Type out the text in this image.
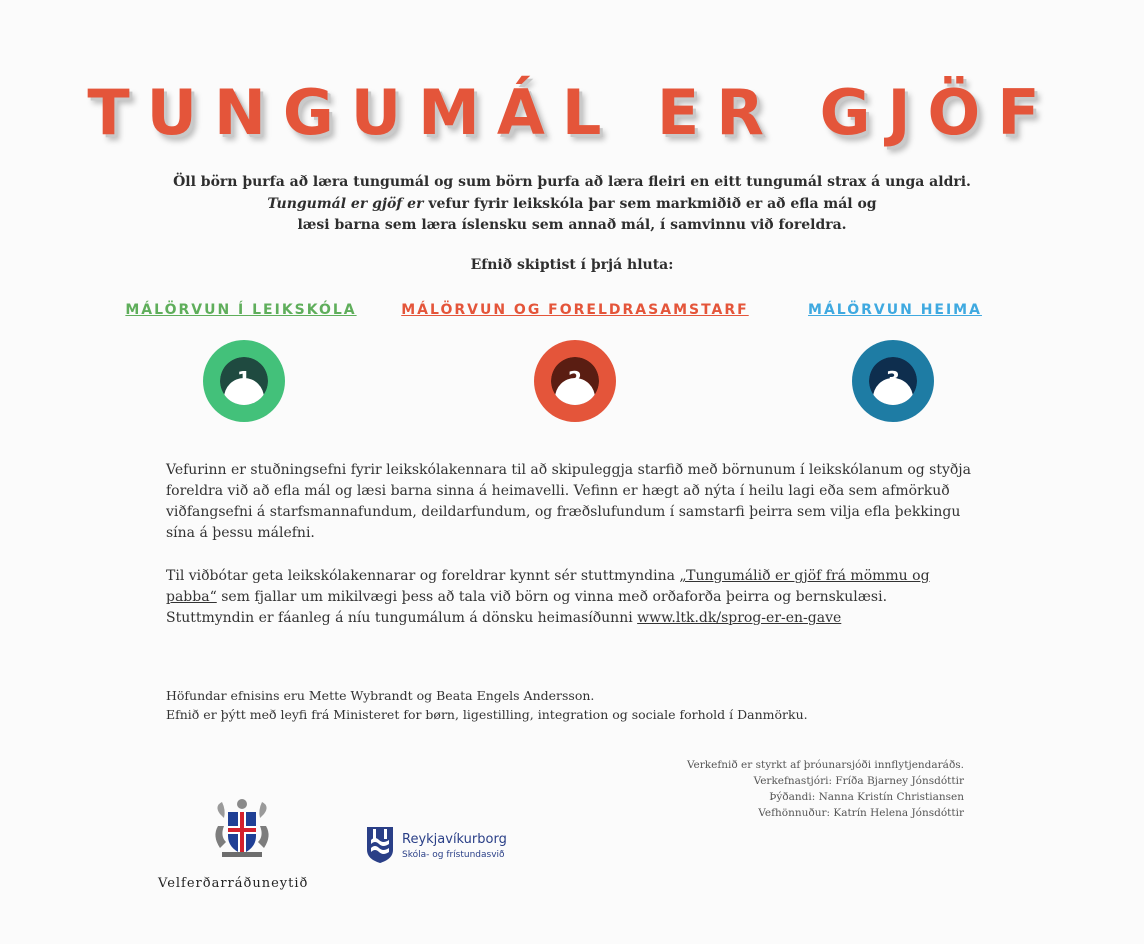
TUNGUMÁL ER GJÖF
Öll börn þurfa að læra tungumál og sum börn þurfa að læra fleiri en eitt tungumál strax á unga aldri.
Tungumál er gjöf er vefur fyrir leikskóla þar sem markmiðið er að efla mál og
læsi barna sem læra íslensku sem annað mál, í samvinnu við foreldra.
Efnið skiptist í þrjá hluta:
MÁLÖRVUN Í LEIKSKÓLA
1
MÁLÖRVUN OG FORELDRASAMSTARF
2
MÁLÖRVUN HEIMA
3
Vefurinn er stuðningsefni fyrir leikskólakennara til að skipuleggja starfið með börnunum í leikskólanum og styðja foreldra við að efla mál og læsi barna sinna á heimavelli. Vefinn er hægt að nýta í heilu lagi eða sem afmörkuð viðfangsefni á starfsmannafundum, deildarfundum, og fræðslufundum í samstarfi þeirra sem vilja efla þekkingu sína á þessu málefni.
Til viðbótar geta leikskólakennarar og foreldrar kynnt sér stuttmyndina „Tungumálið er gjöf frá mömmu og pabba“ sem fjallar um mikilvægi þess að tala við börn og vinna með orðaforða þeirra og bernskulæsi. Stuttmyndin er fáanleg á níu tungumálum á dönsku heimasíðunni www.ltk.dk/sprog-er-en-gave
Höfundar efnisins eru Mette Wybrandt og Beata Engels Andersson.
Efnið er þýtt með leyfi frá Ministeret for børn, ligestilling, integration og sociale forhold í Danmörku.
Verkefnið er styrkt af þróunarsjóði innflytjendaráðs.
Verkefnastjóri: Fríða Bjarney Jónsdóttir
Þýðandi: Nanna Kristín Christiansen
Vefhönnuður: Katrín Helena Jónsdóttir
Velferðarráðuneytið
Reykjavíkurborg
Skóla- og frístundasvið
